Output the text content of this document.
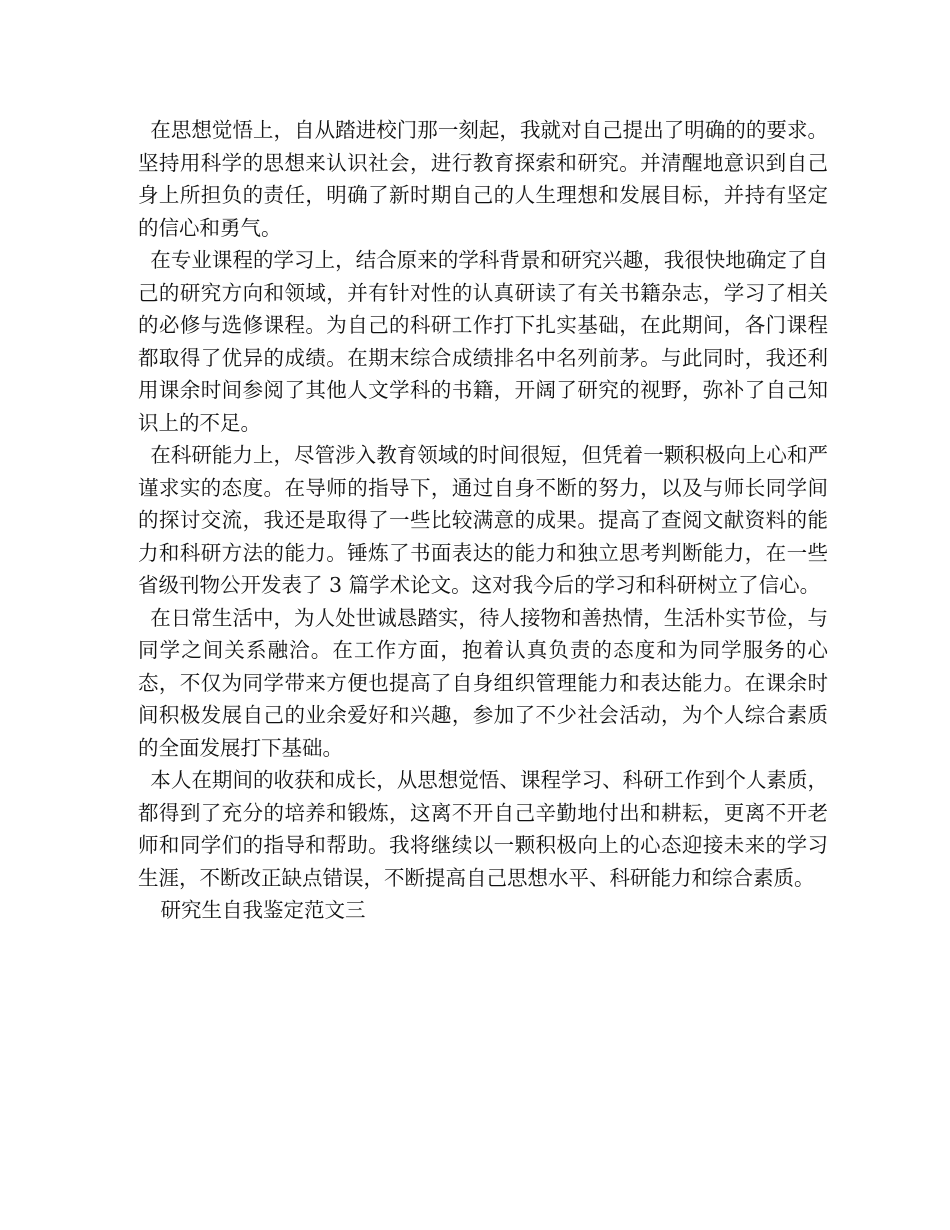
在思想觉悟上，自从踏进校门那一刻起，我就对自己提出了明确的的要求。坚持用科学的思想来认识社会，进行教育探索和研究。并清醒地意识到自己身上所担负的责任，明确了新时期自己的人生理想和发展目标，并持有坚定的信心和勇气。

在专业课程的学习上，结合原来的学科背景和研究兴趣，我很快地确定了自己的研究方向和领域，并有针对性的认真研读了有关书籍杂志，学习了相关的必修与选修课程。为自己的科研工作打下扎实基础，在此期间，各门课程都取得了优异的成绩。在期末综合成绩排名中名列前茅。与此同时，我还利用课余时间参阅了其他人文学科的书籍，开阔了研究的视野，弥补了自己知识上的不足。

在科研能力上，尽管涉入教育领域的时间很短，但凭着一颗积极向上心和严谨求实的态度。在导师的指导下，通过自身不断的努力，以及与师长同学间的探讨交流，我还是取得了一些比较满意的成果。提高了查阅文献资料的能力和科研方法的能力。锤炼了书面表达的能力和独立思考判断能力，在一些省级刊物公开发表了 3 篇学术论文。这对我今后的学习和科研树立了信心。

在日常生活中，为人处世诚恳踏实，待人接物和善热情，生活朴实节俭，与同学之间关系融洽。在工作方面，抱着认真负责的态度和为同学服务的心态，不仅为同学带来方便也提高了自身组织管理能力和表达能力。在课余时间积极发展自己的业余爱好和兴趣，参加了不少社会活动，为个人综合素质的全面发展打下基础。

本人在期间的收获和成长，从思想觉悟、课程学习、科研工作到个人素质，都得到了充分的培养和锻炼，这离不开自己辛勤地付出和耕耘，更离不开老师和同学们的指导和帮助。我将继续以一颗积极向上的心态迎接未来的学习生涯，不断改正缺点错误，不断提高自己思想水平、科研能力和综合素质。

研究生自我鉴定范文三
